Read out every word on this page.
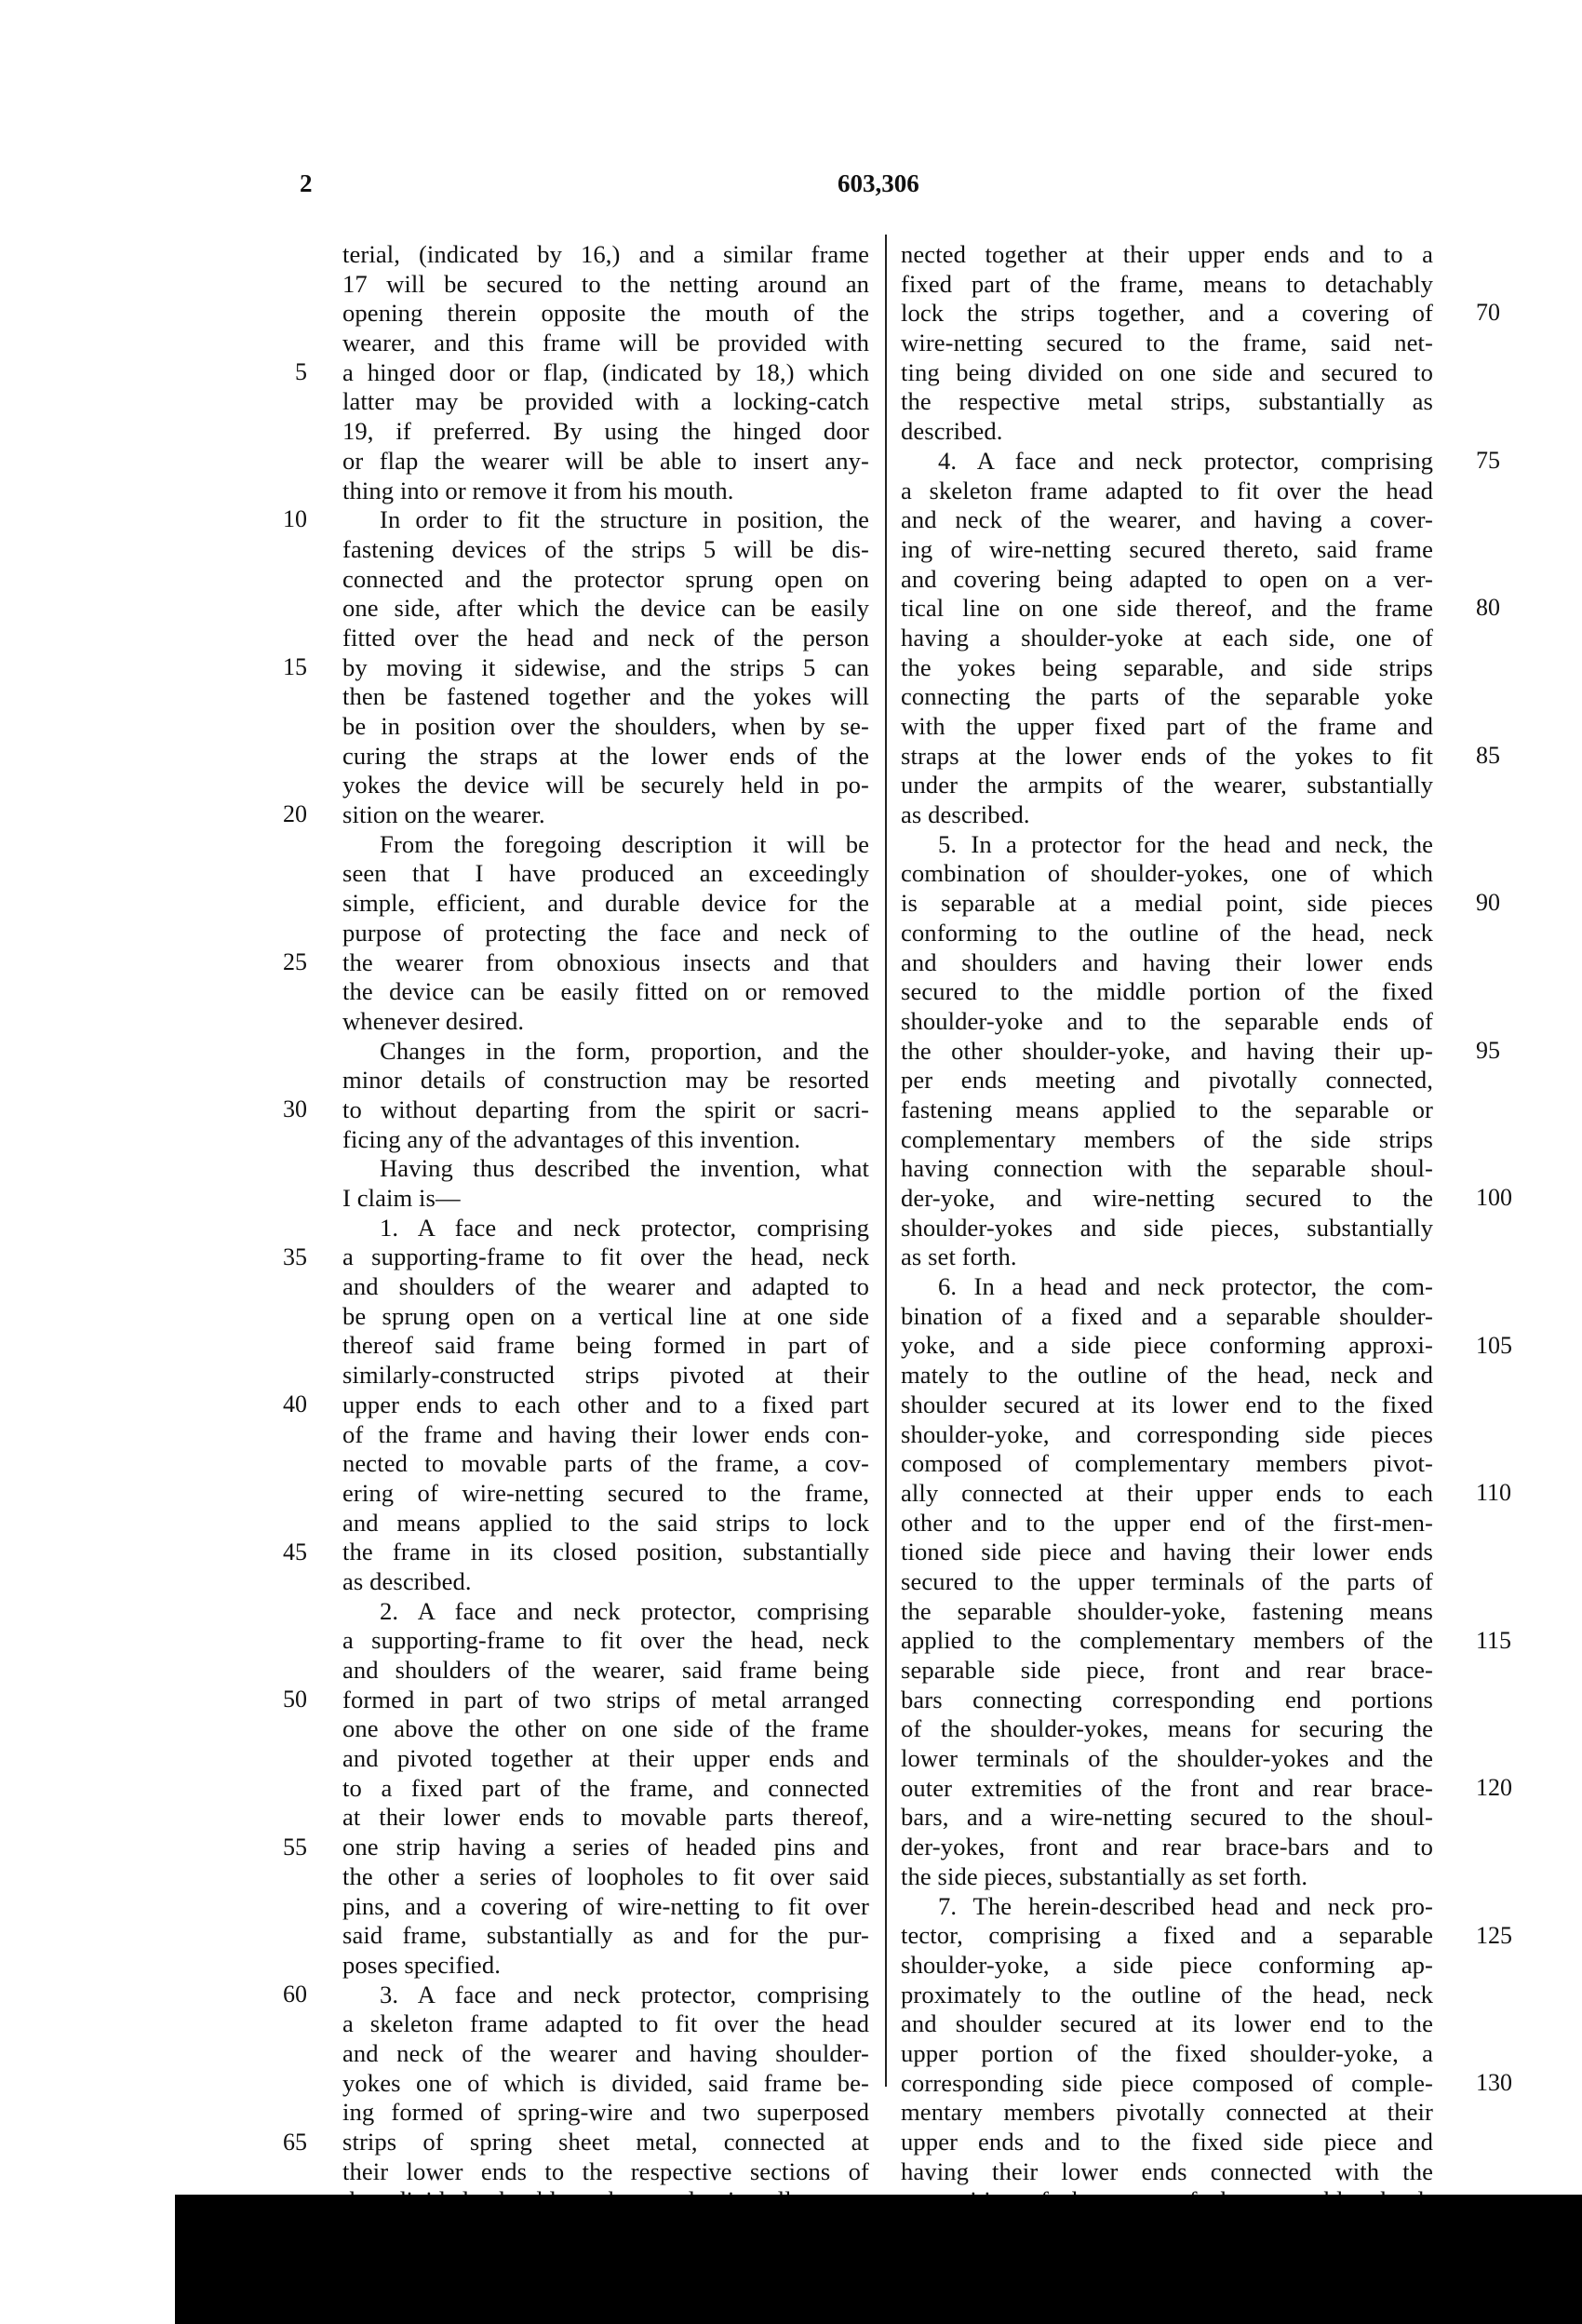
2	603,306
terial, (indicated by 16,) and a similar frame
17 will be secured to the netting around an
opening therein opposite the mouth of the
wearer, and this frame will be provided with
a hinged door or flap, (indicated by 18,) which
latter may be provided with a locking-catch
19, if preferred. By using the hinged door
or flap the wearer will be able to insert any-
thing into or remove it from his mouth.
In order to fit the structure in position, the
fastening devices of the strips 5 will be dis-
connected and the protector sprung open on
one side, after which the device can be easily
fitted over the head and neck of the person
by moving it sidewise, and the strips 5 can
then be fastened together and the yokes will
be in position over the shoulders, when by se-
curing the straps at the lower ends of the
yokes the device will be securely held in po-
sition on the wearer.
From the foregoing description it will be
seen that I have produced an exceedingly
simple, efficient, and durable device for the
purpose of protecting the face and neck of
the wearer from obnoxious insects and that
the device can be easily fitted on or removed
whenever desired.
Changes in the form, proportion, and the
minor details of construction may be resorted
to without departing from the spirit or sacri-
ficing any of the advantages of this invention.
Having thus described the invention, what
I claim is—
1. A face and neck protector, comprising
a supporting-frame to fit over the head, neck
and shoulders of the wearer and adapted to
be sprung open on a vertical line at one side
thereof said frame being formed in part of
similarly-constructed strips pivoted at their
upper ends to each other and to a fixed part
of the frame and having their lower ends con-
nected to movable parts of the frame, a cov-
ering of wire-netting secured to the frame,
and means applied to the said strips to lock
the frame in its closed position, substantially
as described.
2. A face and neck protector, comprising
a supporting-frame to fit over the head, neck
and shoulders of the wearer, said frame being
formed in part of two strips of metal arranged
one above the other on one side of the frame
and pivoted together at their upper ends and
to a fixed part of the frame, and connected
at their lower ends to movable parts thereof,
one strip having a series of headed pins and
the other a series of loopholes to fit over said
pins, and a covering of wire-netting to fit over
said frame, substantially as and for the pur-
poses specified.
3. A face and neck protector, comprising
a skeleton frame adapted to fit over the head
and neck of the wearer and having shoulder-
yokes one of which is divided, said frame be-
ing formed of spring-wire and two superposed
strips of spring sheet metal, connected at
their lower ends to the respective sections of
nected together at their upper ends and to a
fixed part of the frame, means to detachably
lock the strips together, and a covering of
wire-netting secured to the frame, said net-
ting being divided on one side and secured to
the respective metal strips, substantially as
described.
4. A face and neck protector, comprising
a skeleton frame adapted to fit over the head
and neck of the wearer, and having a cover-
ing of wire-netting secured thereto, said frame
and covering being adapted to open on a ver-
tical line on one side thereof, and the frame
having a shoulder-yoke at each side, one of
the yokes being separable, and side strips
connecting the parts of the separable yoke
with the upper fixed part of the frame and
straps at the lower ends of the yokes to fit
under the armpits of the wearer, substantially
as described.
5. In a protector for the head and neck, the
combination of shoulder-yokes, one of which
is separable at a medial point, side pieces
conforming to the outline of the head, neck
and shoulders and having their lower ends
secured to the middle portion of the fixed
shoulder-yoke and to the separable ends of
the other shoulder-yoke, and having their up-
per ends meeting and pivotally connected,
fastening means applied to the separable or
complementary members of the side strips
having connection with the separable shoul-
der-yoke, and wire-netting secured to the
shoulder-yokes and side pieces, substantially
as set forth.
6. In a head and neck protector, the com-
bination of a fixed and a separable shoulder-
yoke, and a side piece conforming approxi-
mately to the outline of the head, neck and
shoulder secured at its lower end to the fixed
shoulder-yoke, and corresponding side pieces
composed of complementary members pivot-
ally connected at their upper ends to each
other and to the upper end of the first-men-
tioned side piece and having their lower ends
secured to the upper terminals of the parts of
the separable shoulder-yoke, fastening means
applied to the complementary members of the
separable side piece, front and rear brace-
bars connecting corresponding end portions
of the shoulder-yokes, means for securing the
lower terminals of the shoulder-yokes and the
outer extremities of the front and rear brace-
bars, and a wire-netting secured to the shoul-
der-yokes, front and rear brace-bars and to
the side pieces, substantially as set forth.
7. The herein-described head and neck pro-
tector, comprising a fixed and a separable
shoulder-yoke, a side piece conforming ap-
proximately to the outline of the head, neck
and shoulder secured at its lower end to the
upper portion of the fixed shoulder-yoke, a
corresponding side piece composed of comple-
mentary members pivotally connected at their
upper ends and to the fixed side piece and
having their lower ends connected with the
5
10
15
20
25
30
35
40
45
50
55
60
65
70
75
80
85
90
95
100
105
110
115
120
125
130
